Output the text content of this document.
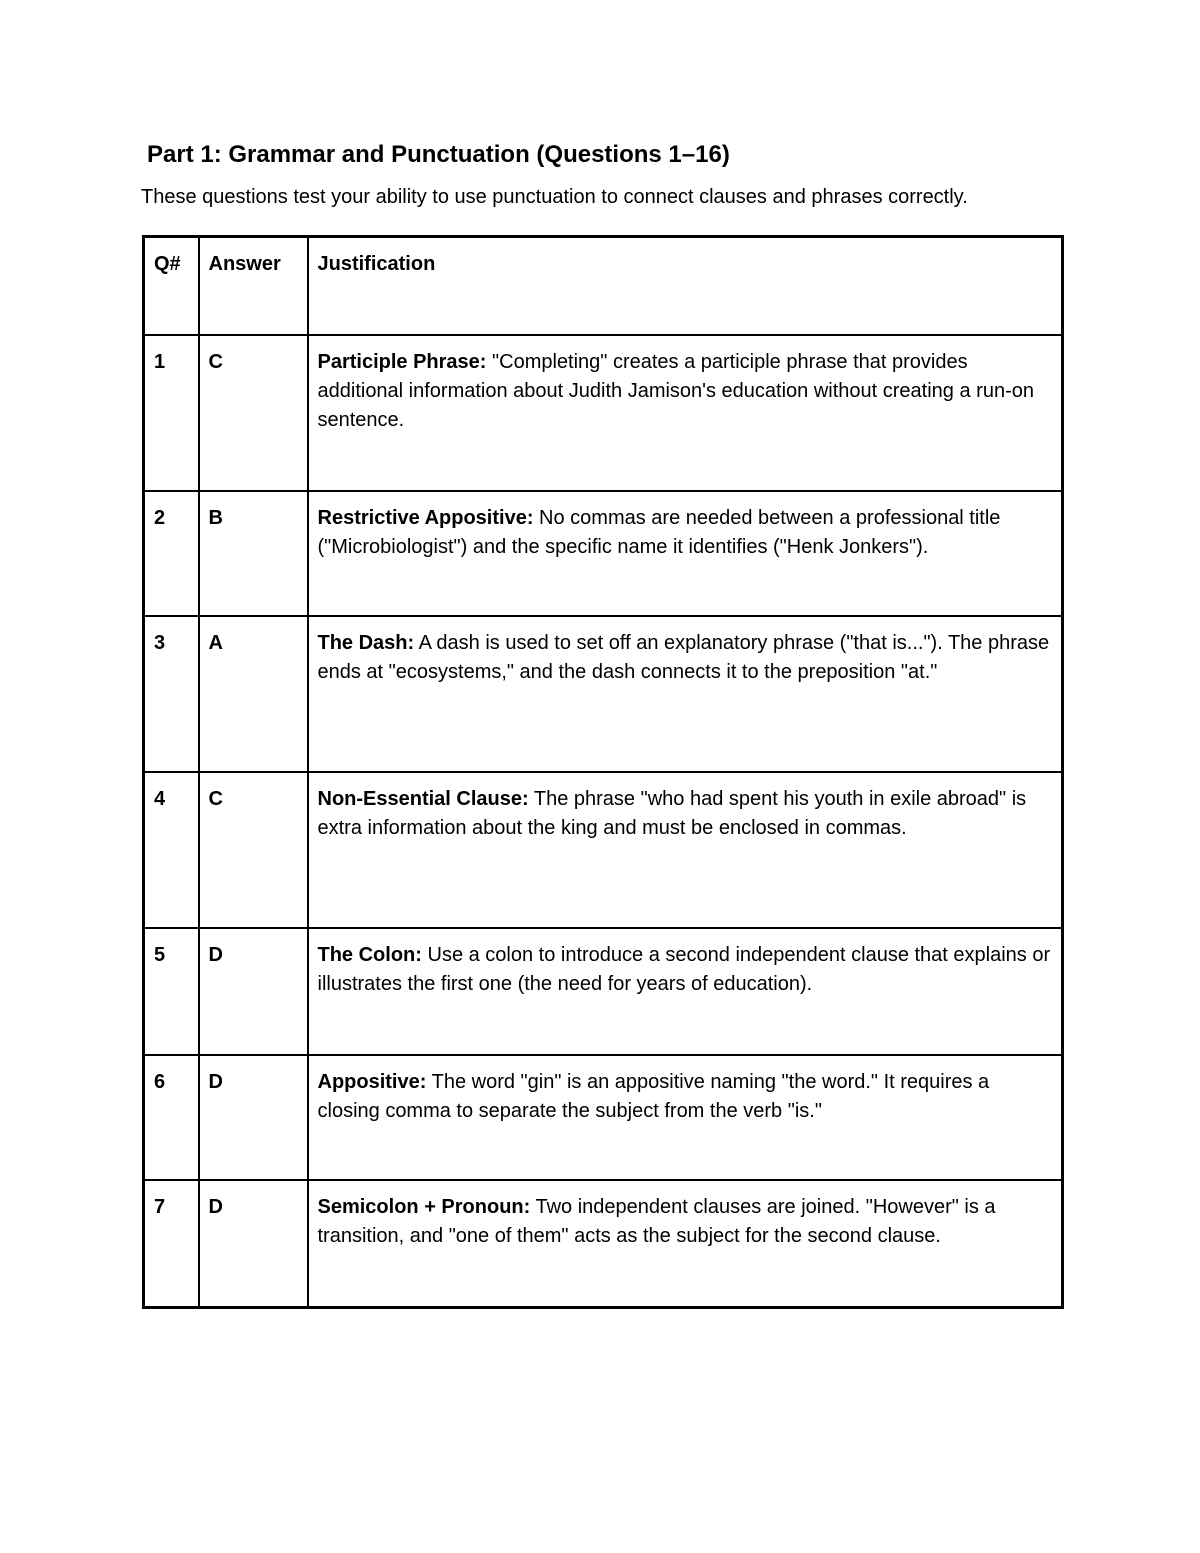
Part 1: Grammar and Punctuation (Questions 1–16)

These questions test your ability to use punctuation to connect clauses and phrases correctly.

Q#	Answer	Justification
1	C	Participle Phrase: "Completing" creates a participle phrase that provides additional information about Judith Jamison's education without creating a run-on sentence.
2	B	Restrictive Appositive: No commas are needed between a professional title ("Microbiologist") and the specific name it identifies ("Henk Jonkers").
3	A	The Dash: A dash is used to set off an explanatory phrase ("that is..."). The phrase ends at "ecosystems," and the dash connects it to the preposition "at."
4	C	Non-Essential Clause: The phrase "who had spent his youth in exile abroad" is extra information about the king and must be enclosed in commas.
5	D	The Colon: Use a colon to introduce a second independent clause that explains or illustrates the first one (the need for years of education).
6	D	Appositive: The word "gin" is an appositive naming "the word." It requires a closing comma to separate the subject from the verb "is."
7	D	Semicolon + Pronoun: Two independent clauses are joined. "However" is a transition, and "one of them" acts as the subject for the second clause.
